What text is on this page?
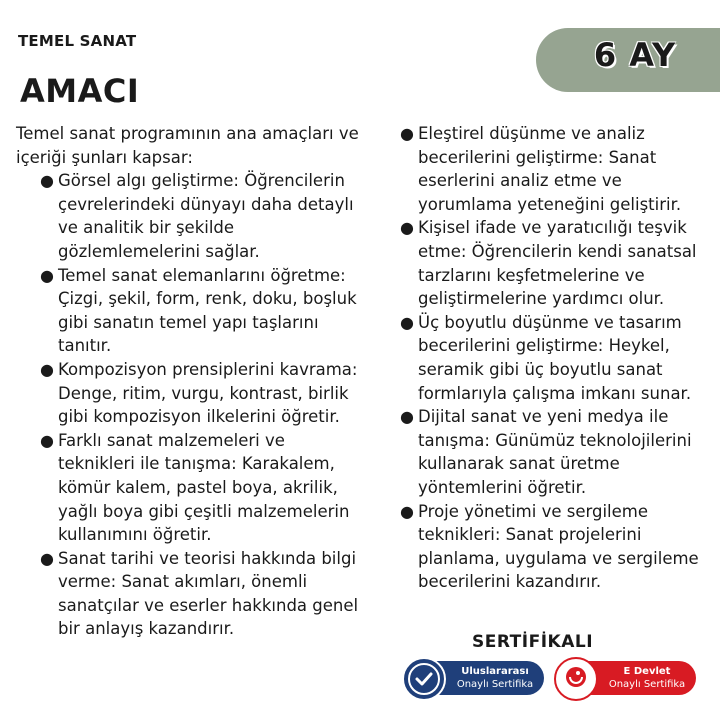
TEMEL SANAT	6 AY
AMACI

Temel sanat programının ana amaçları ve içeriği şunları kapsar:

● Görsel algı geliştirme: Öğrencilerin çevrelerindeki dünyayı daha detaylı ve analitik bir şekilde gözlemlemelerini sağlar.
● Temel sanat elemanlarını öğretme: Çizgi, şekil, form, renk, doku, boşluk gibi sanatın temel yapı taşlarını tanıtır.
● Kompozisyon prensiplerini kavrama: Denge, ritim, vurgu, kontrast, birlik gibi kompozisyon ilkelerini öğretir.
● Farklı sanat malzemeleri ve teknikleri ile tanışma: Karakalem, kömür kalem, pastel boya, akrilik, yağlı boya gibi çeşitli malzemelerin kullanımını öğretir.
● Sanat tarihi ve teorisi hakkında bilgi verme: Sanat akımları, önemli sanatçılar ve eserler hakkında genel bir anlayış kazandırır.
● Eleştirel düşünme ve analiz becerilerini geliştirme: Sanat eserlerini analiz etme ve yorumlama yeteneğini geliştirir.
● Kişisel ifade ve yaratıcılığı teşvik etme: Öğrencilerin kendi sanatsal tarzlarını keşfetmelerine ve geliştirmelerine yardımcı olur.
● Üç boyutlu düşünme ve tasarım becerilerini geliştirme: Heykel, seramik gibi üç boyutlu sanat formlarıyla çalışma imkanı sunar.
● Dijital sanat ve yeni medya ile tanışma: Günümüz teknolojilerini kullanarak sanat üretme yöntemlerini öğretir.
● Proje yönetimi ve sergileme teknikleri: Sanat projelerini planlama, uygulama ve sergileme becerilerini kazandırır.
SERTİFİKALI
Uluslararası
Onaylı Sertifika
E Devlet
Onaylı Sertifika
